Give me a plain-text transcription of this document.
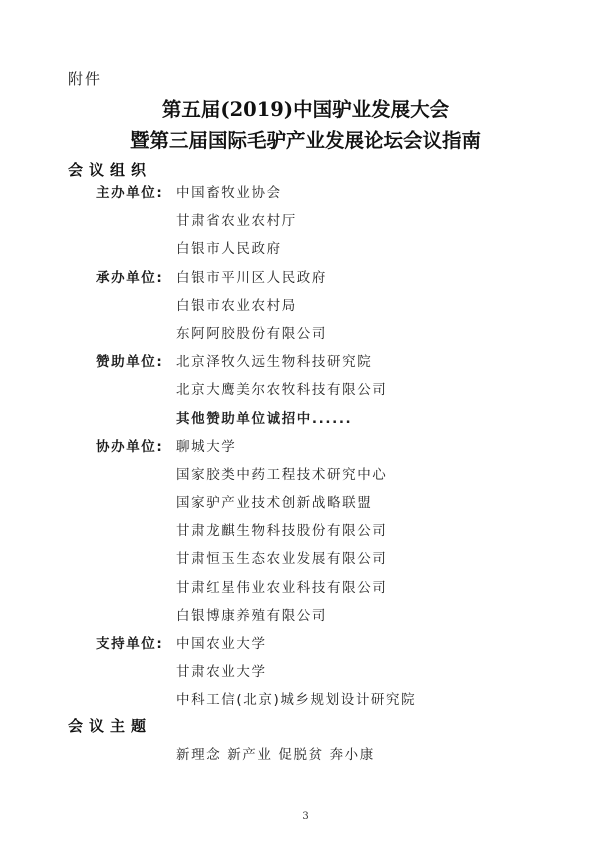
附件
第五届(2019)中国驴业发展大会
暨第三届国际毛驴产业发展论坛会议指南
会议组织
主办单位: 中国畜牧业协会
甘肃省农业农村厅
白银市人民政府
承办单位: 白银市平川区人民政府
白银市农业农村局
东阿阿胶股份有限公司
赞助单位: 北京泽牧久远生物科技研究院
北京大鹰美尔农牧科技有限公司
其他赞助单位诚招中......
协办单位: 聊城大学
国家胶类中药工程技术研究中心
国家驴产业技术创新战略联盟
甘肃龙麒生物科技股份有限公司
甘肃恒玉生态农业发展有限公司
甘肃红星伟业农业科技有限公司
白银博康养殖有限公司
支持单位: 中国农业大学
甘肃农业大学
中科工信(北京)城乡规划设计研究院
会议主题
新理念 新产业 促脱贫 奔小康
3
